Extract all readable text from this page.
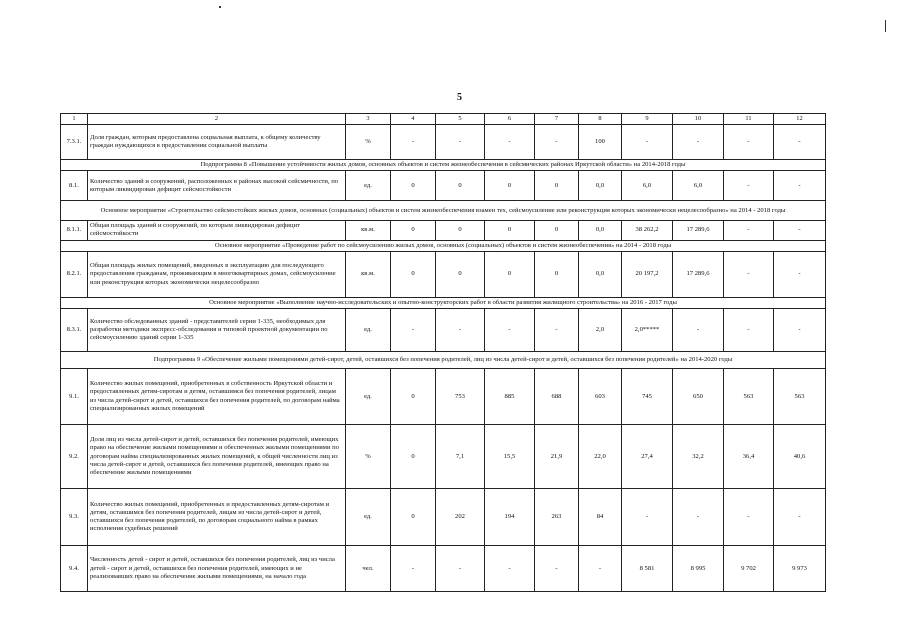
5
1	2	3	4	5	6	7	8	9	10	11	12	
7.3.1.	Доля граждан, которым предоставлена социальная выплата, к общему количеству граждан нуждающихся в предоставлении социальной выплаты	%	-	-	-	-	100	-	-	-	-	
Подпрограмма 8 «Повышение устойчивости жилых домов, основных объектов и систем жизнеобеспечения в сейсмических районах Иркутской области» на 2014-2018 годы												
8.1.	Количество зданий и сооружений, расположенных в районах высокой сейсмичности, по которым ликвидирован дефицит сейсмостойкости	ед.	0	0	0	0	0,0	6,0	6,0	-	-	
Основное мероприятие «Строительство сейсмостойких жилых домов, основных (социальных) объектов и систем жизнеобеспечения взамен тех, сейсмоусиление или реконструкция которых экономически нецелесообразно» на 2014 - 2018 годы												
8.1.1.	Общая площадь зданий и сооружений, по которым ликвидирован дефицит сейсмостойкости	кв.м.	0	0	0	0	0,0	38 262,2	17 289,6	-	-	
Основное мероприятие «Проведение работ по сейсмоусилению жилых домов, основных (социальных) объектов и систем жизнеобеспечения» на 2014 - 2018 годы												
8.2.1.	Общая площадь жилых помещений, введенных в эксплуатацию для последующего предоставления гражданам, проживающим в многоквартирных домах, сейсмоусиление или реконструкция которых экономически нецелесообразно	кв.м.	0	0	0	0	0,0	20 197,2	17 289,6	-	-	
Основное мероприятие «Выполнение научно-исследовательских и опытно-конструкторских работ в области развития жилищного строительства» на 2016 - 2017 годы												
8.3.1.	Количество обследованных зданий - представителей серии 1-335, необходимых для разработки методики экспресс-обследования и типовой проектной документации по сейсмоусилению зданий серии 1-335	ед.	-	-	-	-	2,0	2,0*****	-	-	-	
Подпрограмма 9 «Обеспечение жилыми помещениями детей-сирот, детей, оставшихся без попечения родителей, лиц из числа детей-сирот и детей, оставшихся без попечения родителей» на 2014-2020 годы												
9.1.	Количество жилых помещений, приобретенных в собственность Иркутской области и предоставленных детям-сиротам и детям, оставшимся без попечения родителей, лицам из числа детей-сирот и детей, оставшихся без попечения родителей, по договорам найма специализированных жилых помещений	ед.	0	753	885	688	603	745	650	563	563	
9.2.	Доля лиц из числа детей-сирот и детей, оставшихся без попечения родителей, имеющих право на обеспечение жилыми помещениями и обеспеченных жилыми помещениями по договорам найма специализированных жилых помещений, к общей численности лиц из числа детей-сирот и детей, оставшихся без попечения родителей, имеющих право на обеспечение жилыми помещениями	%	0	7,1	15,5	21,9	22,0	27,4	32,2	36,4	40,6	
9.3.	Количество жилых помещений, приобретенных и предоставленных детям-сиротам и детям, оставшимся без попечения родителей, лицам из числа детей-сирот и детей, оставшихся без попечения родителей, по договорам социального найма в рамках исполнения судебных решений	ед.	0	202	194	263	84	-	-	-	-	
9.4.	Численность детей - сирот и детей, оставшихся без попечения родителей, лиц из числа детей - сирот и детей, оставшихся без попечения родителей, имеющих и не реализовавших право на обеспечение жилыми помещениями, на начало года	чел.	-	-	-	-	-	8 581	8 995	9 702	9 973	
